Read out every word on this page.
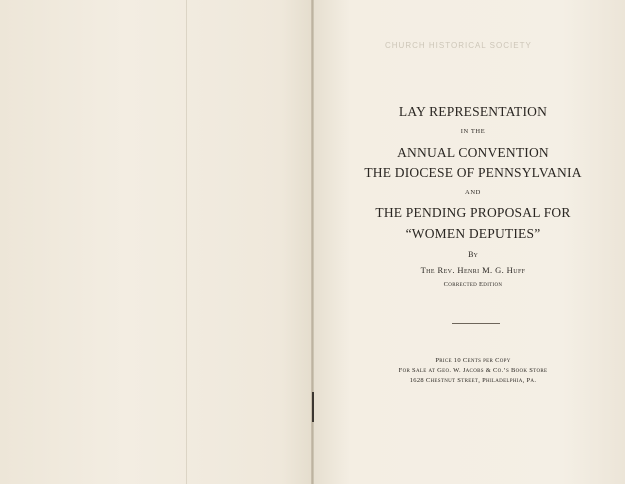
CHURCH HISTORICAL SOCIETY
LAY REPRESENTATION
IN THE
ANNUAL CONVENTION
THE DIOCESE OF PENNSYLVANIA
AND
THE PENDING PROPOSAL FOR
“WOMEN DEPUTIES”
By
The Rev. Henri M. G. Huff
Corrected Edition
Price 10 Cents per Copy
For Sale at Geo. W. Jacobs & Co.’s Book Store
1628 Chestnut Street, Philadelphia, Pa.
